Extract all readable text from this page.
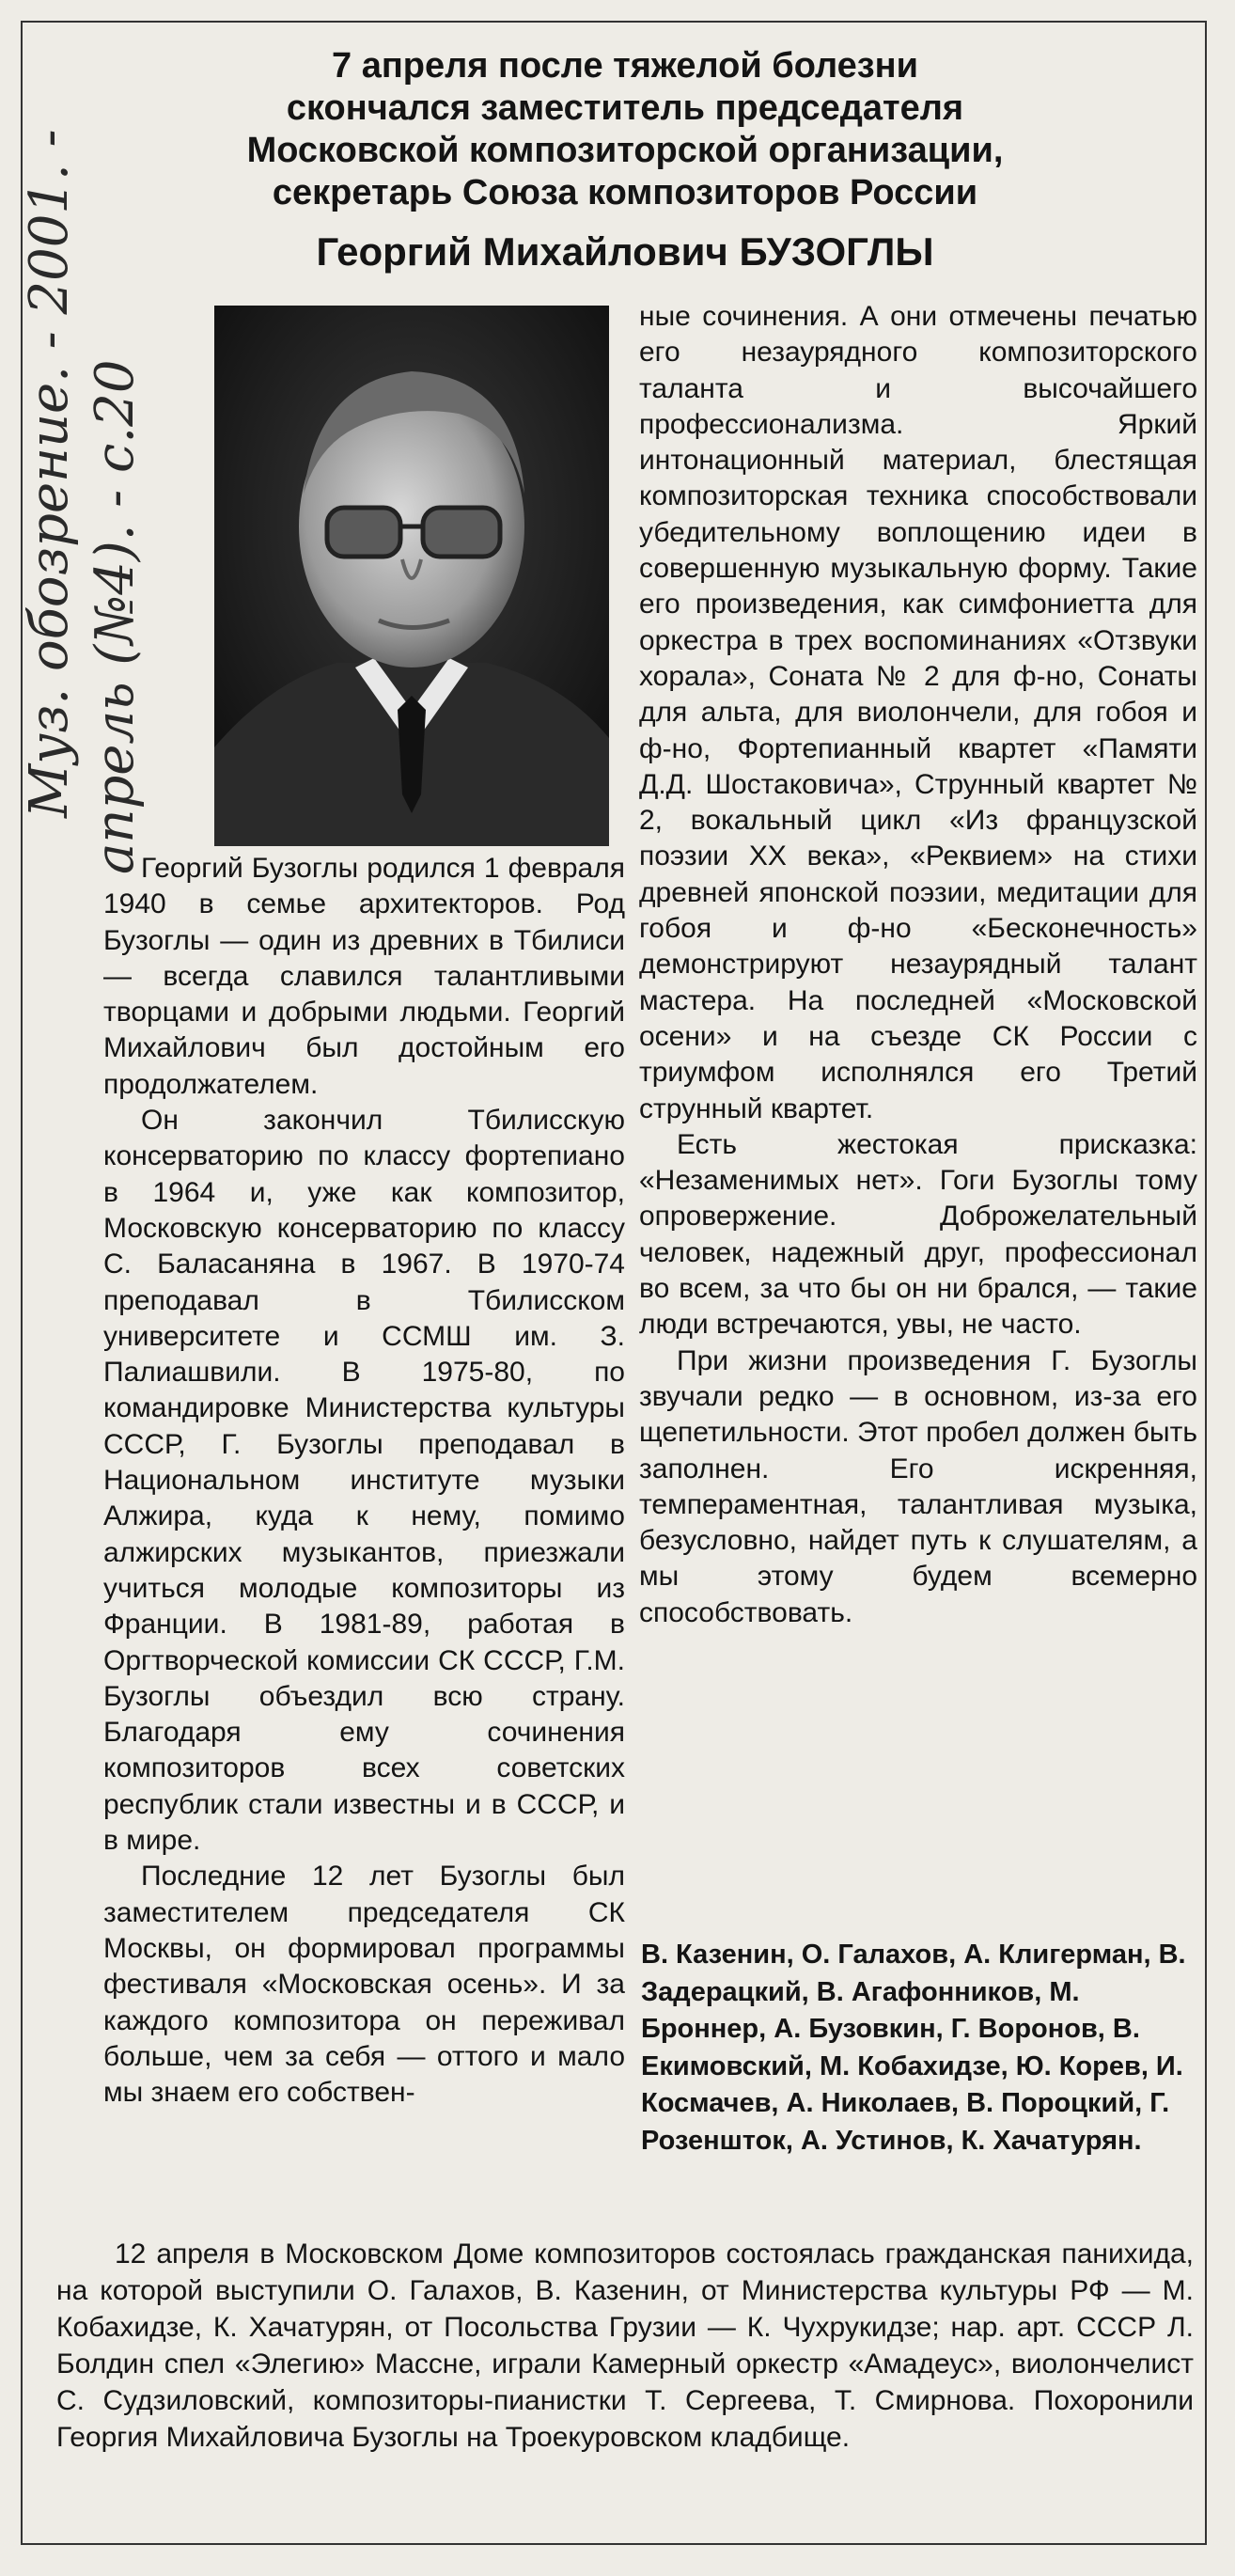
Муз. обозрение. - 2001. - апрель (№4). - с.20

7 апреля после тяжелой болезни
скончался заместитель председателя
Московской композиторской организации,
секретарь Союза композиторов России

Георгий Михайлович БУЗОГЛЫ

Георгий Бузоглы родился 1 февраля 1940 в семье архитекторов. Род Бузоглы — один из древних в Тбилиси — всегда славился талантливыми творцами и добрыми людьми. Георгий Михайлович был достойным его продолжателем.

Он закончил Тбилисскую консерваторию по классу фортепиано в 1964 и, уже как композитор, Московскую консерваторию по классу С. Баласаняна в 1967. В 1970-74 преподавал в Тбилисском университете и ССМШ им. З. Палиашвили. В 1975-80, по командировке Министерства культуры СССР, Г. Бузоглы преподавал в Национальном институте музыки Алжира, куда к нему, помимо алжирских музыкантов, приезжали учиться молодые композиторы из Франции. В 1981-89, работая в Оргтворческой комиссии СК СССР, Г.М. Бузоглы объездил всю страну. Благодаря ему сочинения композиторов всех советских республик стали известны и в СССР, и в мире.

Последние 12 лет Бузоглы был заместителем председателя СК Москвы, он формировал программы фестиваля «Московская осень». И за каждого композитора он переживал больше, чем за себя — оттого и мало мы знаем его собствен-

ные сочинения. А они отмечены печатью его незаурядного композиторского таланта и высочайшего профессионализма. Яркий интонационный материал, блестящая композиторская техника способствовали убедительному воплощению идеи в совершенную музыкальную форму. Такие его произведения, как симфониетта для оркестра в трех воспоминаниях «Отзвуки хорала», Соната № 2 для ф-но, Сонаты для альта, для виолончели, для гобоя и ф-но, Фортепианный квартет «Памяти Д.Д. Шостаковича», Струнный квартет № 2, вокальный цикл «Из французской поэзии XX века», «Реквием» на стихи древней японской поэзии, медитации для гобоя и ф-но «Бесконечность» демонстрируют незаурядный талант мастера. На последней «Московской осени» и на съезде СК России с триумфом исполнялся его Третий струнный квартет.

Есть жестокая присказка: «Незаменимых нет». Гоги Бузоглы тому опровержение. Доброжелательный человек, надежный друг, профессионал во всем, за что бы он ни брался, — такие люди встречаются, увы, не часто.

При жизни произведения Г. Бузоглы звучали редко — в основном, из-за его щепетильности. Этот пробел должен быть заполнен. Его искренняя, темпераментная, талантливая музыка, безусловно, найдет путь к слушателям, а мы этому будем всемерно способствовать.

В. Казенин, О. Галахов, А. Клигерман, В. Задерацкий, В. Агафонников, М. Броннер, А. Бузовкин, Г. Воронов, В. Екимовский, М. Кобахидзе, Ю. Корев, И. Космачев, А. Николаев, В. Пороцкий, Г. Розеншток, А. Устинов, К. Хачатурян.

12 апреля в Московском Доме композиторов состоялась гражданская панихида, на которой выступили О. Галахов, В. Казенин, от Министерства культуры РФ — М. Кобахидзе, К. Хачатурян, от Посольства Грузии — К. Чухрукидзе; нар. арт. СССР Л. Болдин спел «Элегию» Массне, играли Камерный оркестр «Амадеус», виолончелист С. Судзиловский, композиторы-пианистки Т. Сергеева, Т. Смирнова. Похоронили Георгия Михайловича Бузоглы на Троекуровском кладбище.
